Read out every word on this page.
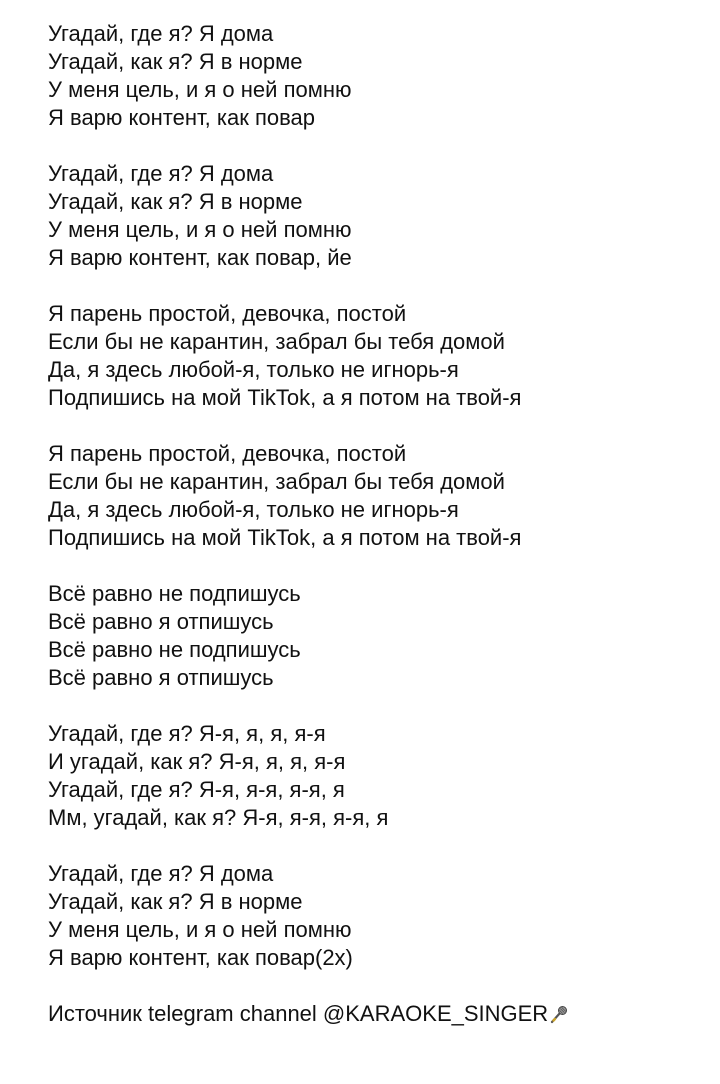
Угадай, где я? Я дома
Угадай, как я? Я в норме
У меня цель, и я о ней помню
Я варю контент, как повар
Угадай, где я? Я дома
Угадай, как я? Я в норме
У меня цель, и я о ней помню
Я варю контент, как повар, йе
Я парень простой, девочка, постой
Если бы не карантин, забрал бы тебя домой
Да, я здесь любой-я, только не игнорь-я
Подпишись на мой TikTok, а я потом на твой-я
Я парень простой, девочка, постой
Если бы не карантин, забрал бы тебя домой
Да, я здесь любой-я, только не игнорь-я
Подпишись на мой TikTok, а я потом на твой-я
Всё равно не подпишусь
Всё равно я отпишусь
Всё равно не подпишусь
Всё равно я отпишусь
Угадай, где я? Я-я, я, я, я-я
И угадай, как я? Я-я, я, я, я-я
Угадай, где я? Я-я, я-я, я-я, я
Мм, угадай, как я? Я-я, я-я, я-я, я
Угадай, где я? Я дома
Угадай, как я? Я в норме
У меня цель, и я о ней помню
Я варю контент, как повар(2х)
Источник telegram channel @KARAOKE_SINGER
